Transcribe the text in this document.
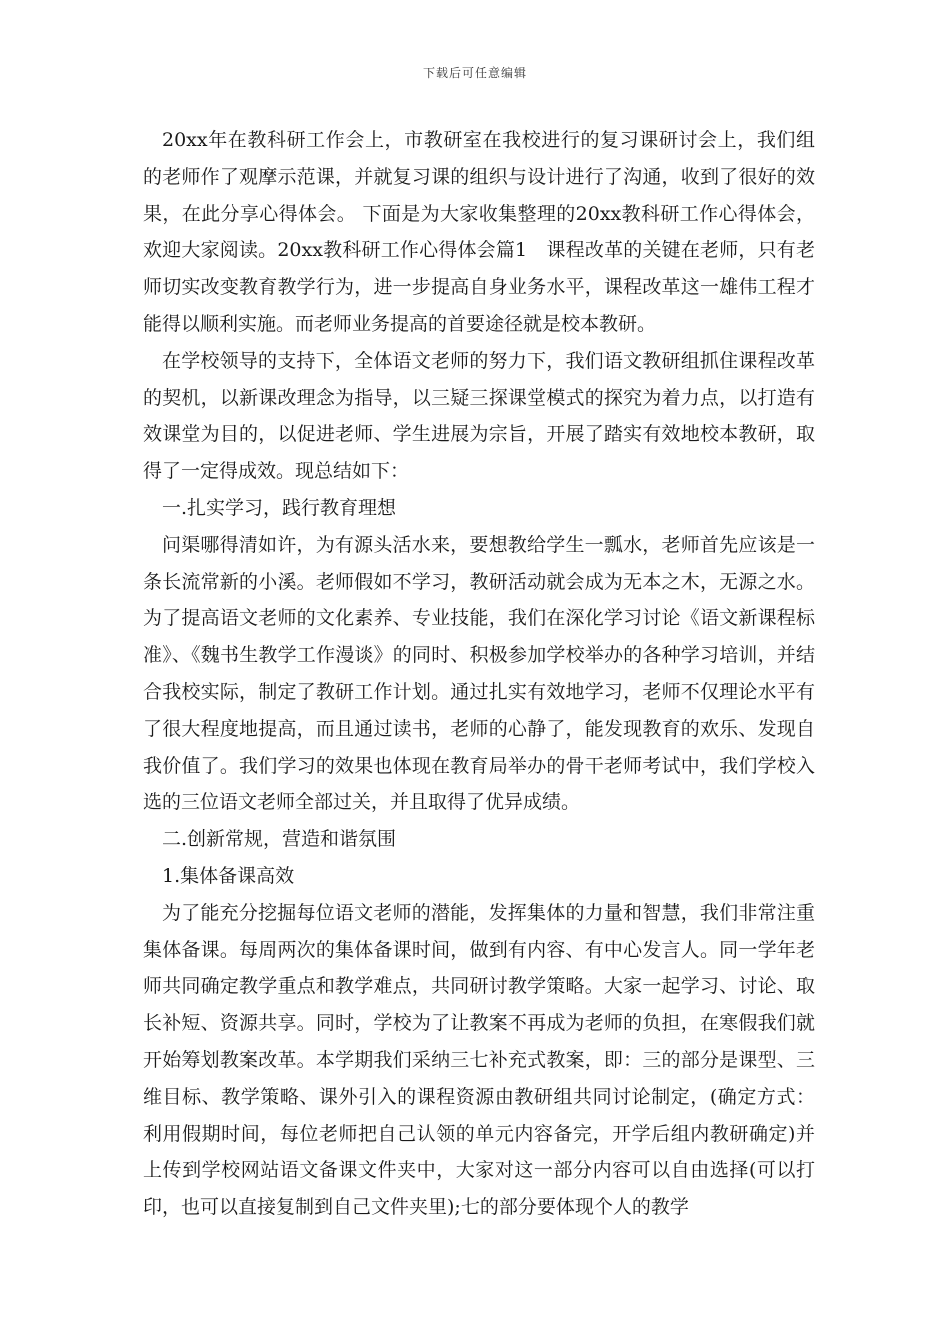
下载后可任意编辑

20xx年在教科研工作会上，市教研室在我校进行的复习课研讨会上，我们组的老师作了观摩示范课，并就复习课的组织与设计进行了沟通，收到了很好的效果，在此分享心得体会。 下面是为大家收集整理的20xx教科研工作心得体会，欢迎大家阅读。20xx教科研工作心得体会篇1　课程改革的关键在老师，只有老师切实改变教育教学行为，进一步提高自身业务水平，课程改革这一雄伟工程才能得以顺利实施。而老师业务提高的首要途径就是校本教研。

在学校领导的支持下，全体语文老师的努力下，我们语文教研组抓住课程改革的契机，以新课改理念为指导，以三疑三探课堂模式的探究为着力点，以打造有效课堂为目的，以促进老师、学生进展为宗旨，开展了踏实有效地校本教研，取得了一定得成效。现总结如下：

一.扎实学习，践行教育理想

问渠哪得清如许，为有源头活水来，要想教给学生一瓢水，老师首先应该是一条长流常新的小溪。老师假如不学习，教研活动就会成为无本之木，无源之水。为了提高语文老师的文化素养、专业技能，我们在深化学习讨论《语文新课程标准》、《魏书生教学工作漫谈》的同时、积极参加学校举办的各种学习培训，并结合我校实际，制定了教研工作计划。通过扎实有效地学习，老师不仅理论水平有了很大程度地提高，而且通过读书，老师的心静了，能发现教育的欢乐、发现自我价值了。我们学习的效果也体现在教育局举办的骨干老师考试中，我们学校入选的三位语文老师全部过关，并且取得了优异成绩。

二.创新常规，营造和谐氛围

1.集体备课高效

为了能充分挖掘每位语文老师的潜能，发挥集体的力量和智慧，我们非常注重集体备课。每周两次的集体备课时间，做到有内容、有中心发言人。同一学年老师共同确定教学重点和教学难点，共同研讨教学策略。大家一起学习、讨论、取长补短、资源共享。同时，学校为了让教案不再成为老师的负担，在寒假我们就开始筹划教案改革。本学期我们采纳三七补充式教案，即：三的部分是课型、三维目标、教学策略、课外引入的课程资源由教研组共同讨论制定，(确定方式：利用假期时间，每位老师把自己认领的单元内容备完，开学后组内教研确定)并上传到学校网站语文备课文件夹中，大家对这一部分内容可以自由选择(可以打印，也可以直接复制到自己文件夹里);七的部分要体现个人的教学
